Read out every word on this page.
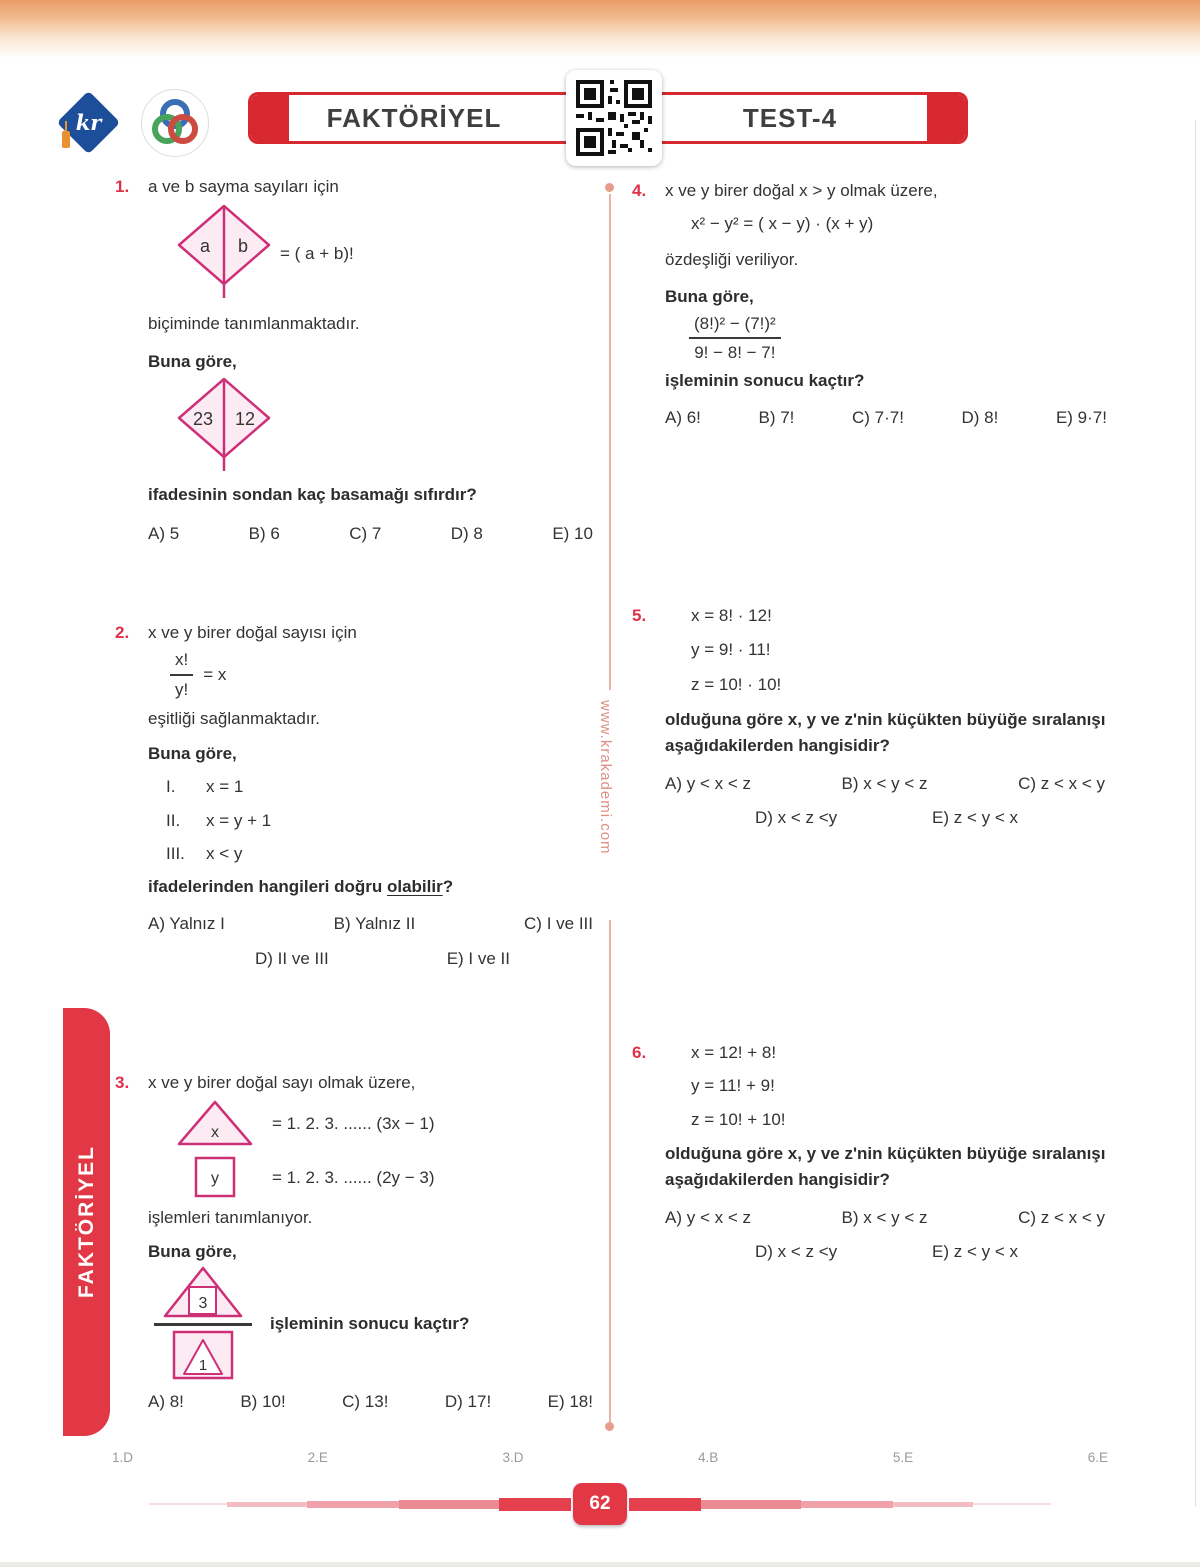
kr	FAKTÖRİYEL	TEST-4
www.krakademi.com
FAKTÖRİYEL
1.	a ve b sayma sayıları için

a b = ( a + b)!

biçiminde tanımlanmaktadır.

Buna göre,

23 12

ifadesinin sondan kaç basamağı sıfırdır?

A) 5	B) 6	C) 7	D) 8	E) 10
2.	x ve y birer doğal sayısı için

$\frac{x!}{y!} = x$

eşitliği sağlanmaktadır.

Buna göre,

I.	x = 1
II.	x = y + 1
III.	x < y

ifadelerinden hangileri doğru olabilir?

A) Yalnız I	B) Yalnız II	C) I ve III
D) II ve III	E) I ve II
3.	x ve y birer doğal sayı olmak üzere,

x
= 1. 2. 3. ...... (3x − 1)
y	= 1. 2. 3. ...... (2y − 3)

işlemleri tanımlanıyor.

Buna göre,

3
1

işleminin sonucu kaçtır?

A) 8!	B) 10!	C) 13!	D) 17!	E) 18!
4.	x ve y birer doğal x > y olmak üzere,

x² − y² = ( x − y) · (x + y)

özdeşliği veriliyor.

Buna göre,

$\frac{\text{(8!)² − (7!)²}}{9! - 8! - 7!}$

işleminin sonucu kaçtır?

A) 6!	B) 7!	C) 7·7!	D) 8!	E) 9·7!
5.	x = 8! · 12!

y = 9! · 11!

z = 10! · 10!

olduğuna göre x, y ve z'nin küçükten büyüğe sıralanışı aşağıdakilerden hangisidir?

A) y < x < z	B) x < y < z	C) z < x < y
D) x < z <y	E) z < y < x
6.	x = 12! + 8!

y = 11! + 9!

z = 10! + 10!

olduğuna göre x, y ve z'nin küçükten büyüğe sıralanışı aşağıdakilerden hangisidir?

A) y < x < z	B) x < y < z	C) z < x < y
D) x < z <y	E) z < y < x
1.D	2.E	3.D	4.B	5.E	6.E
62
